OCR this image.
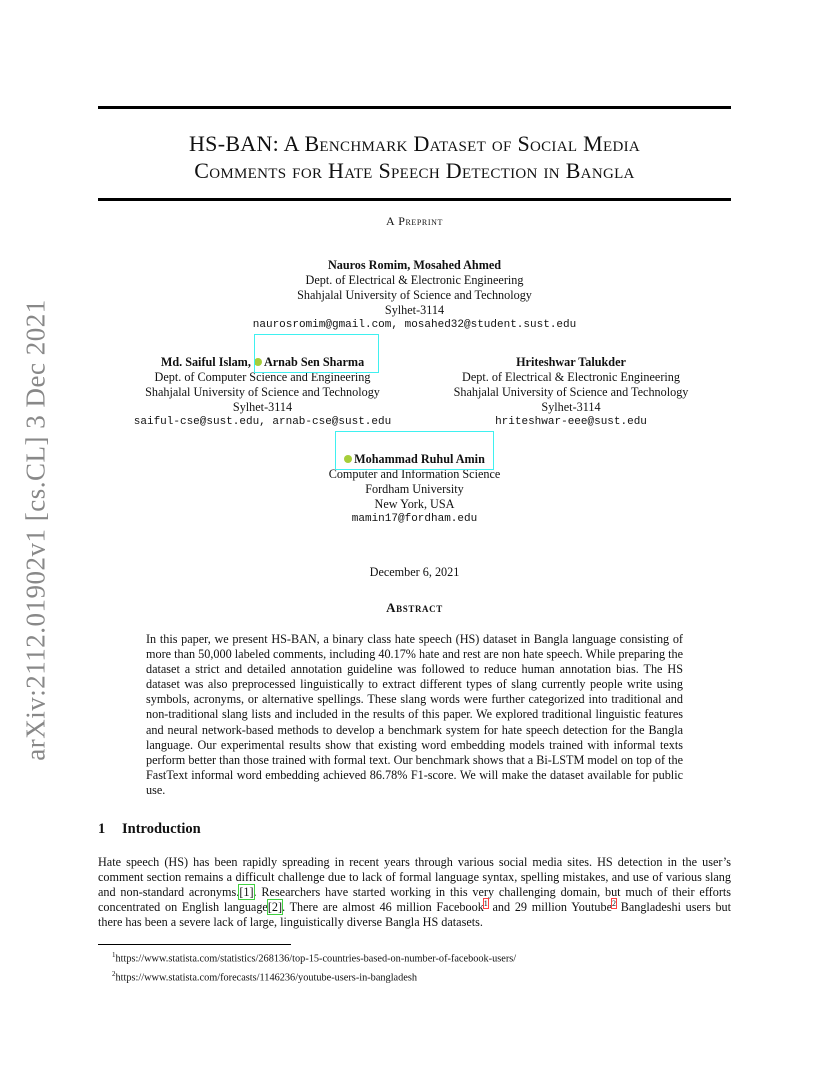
arXiv:2112.01902v1 [cs.CL] 3 Dec 2021
HS-BAN: A Benchmark Dataset of Social Media
Comments for Hate Speech Detection in Bangla
A Preprint
Nauros Romim, Mosahed Ahmed
Dept. of Electrical & Electronic Engineering
Shahjalal University of Science and Technology
Sylhet-3114
naurosromim@gmail.com, mosahed32@student.sust.edu
Md. Saiful Islam, Arnab Sen Sharma
Dept. of Computer Science and Engineering
Shahjalal University of Science and Technology
Sylhet-3114
saiful-cse@sust.edu, arnab-cse@sust.edu
Hriteshwar Talukder
Dept. of Electrical & Electronic Engineering
Shahjalal University of Science and Technology
Sylhet-3114
hriteshwar-eee@sust.edu
Mohammad Ruhul Amin
Computer and Information Science
Fordham University
New York, USA
mamin17@fordham.edu
December 6, 2021
Abstract
In this paper, we present HS-BAN, a binary class hate speech (HS) dataset in Bangla language consisting of more than 50,000 labeled comments, including 40.17% hate and rest are non hate speech. While preparing the dataset a strict and detailed annotation guideline was followed to reduce human annotation bias. The HS dataset was also preprocessed linguistically to extract different types of slang currently people write using symbols, acronyms, or alternative spellings. These slang words were further categorized into traditional and non-traditional slang lists and included in the results of this paper. We explored traditional linguistic features and neural network-based methods to develop a benchmark system for hate speech detection for the Bangla language. Our experimental results show that existing word embedding models trained with informal texts perform better than those trained with formal text. Our benchmark shows that a Bi-LSTM model on top of the FastText informal word embedding achieved 86.78% F1-score. We will make the dataset available for public use.
1 Introduction
Hate speech (HS) has been rapidly spreading in recent years through various social media sites. HS detection in the user’s comment section remains a difficult challenge due to lack of formal language syntax, spelling mistakes, and use of various slang and non-standard acronyms.[1]. Researchers have started working in this very challenging domain, but much of their efforts concentrated on English language[2]. There are almost 46 million Facebook$^1$ and 29 million Youtube$^2$ Bangladeshi users but there has been a severe lack of large, linguistically diverse Bangla HS datasets.
$^1$https://www.statista.com/statistics/268136/top-15-countries-based-on-number-of-facebook-users/
$^2$https://www.statista.com/forecasts/1146236/youtube-users-in-bangladesh
